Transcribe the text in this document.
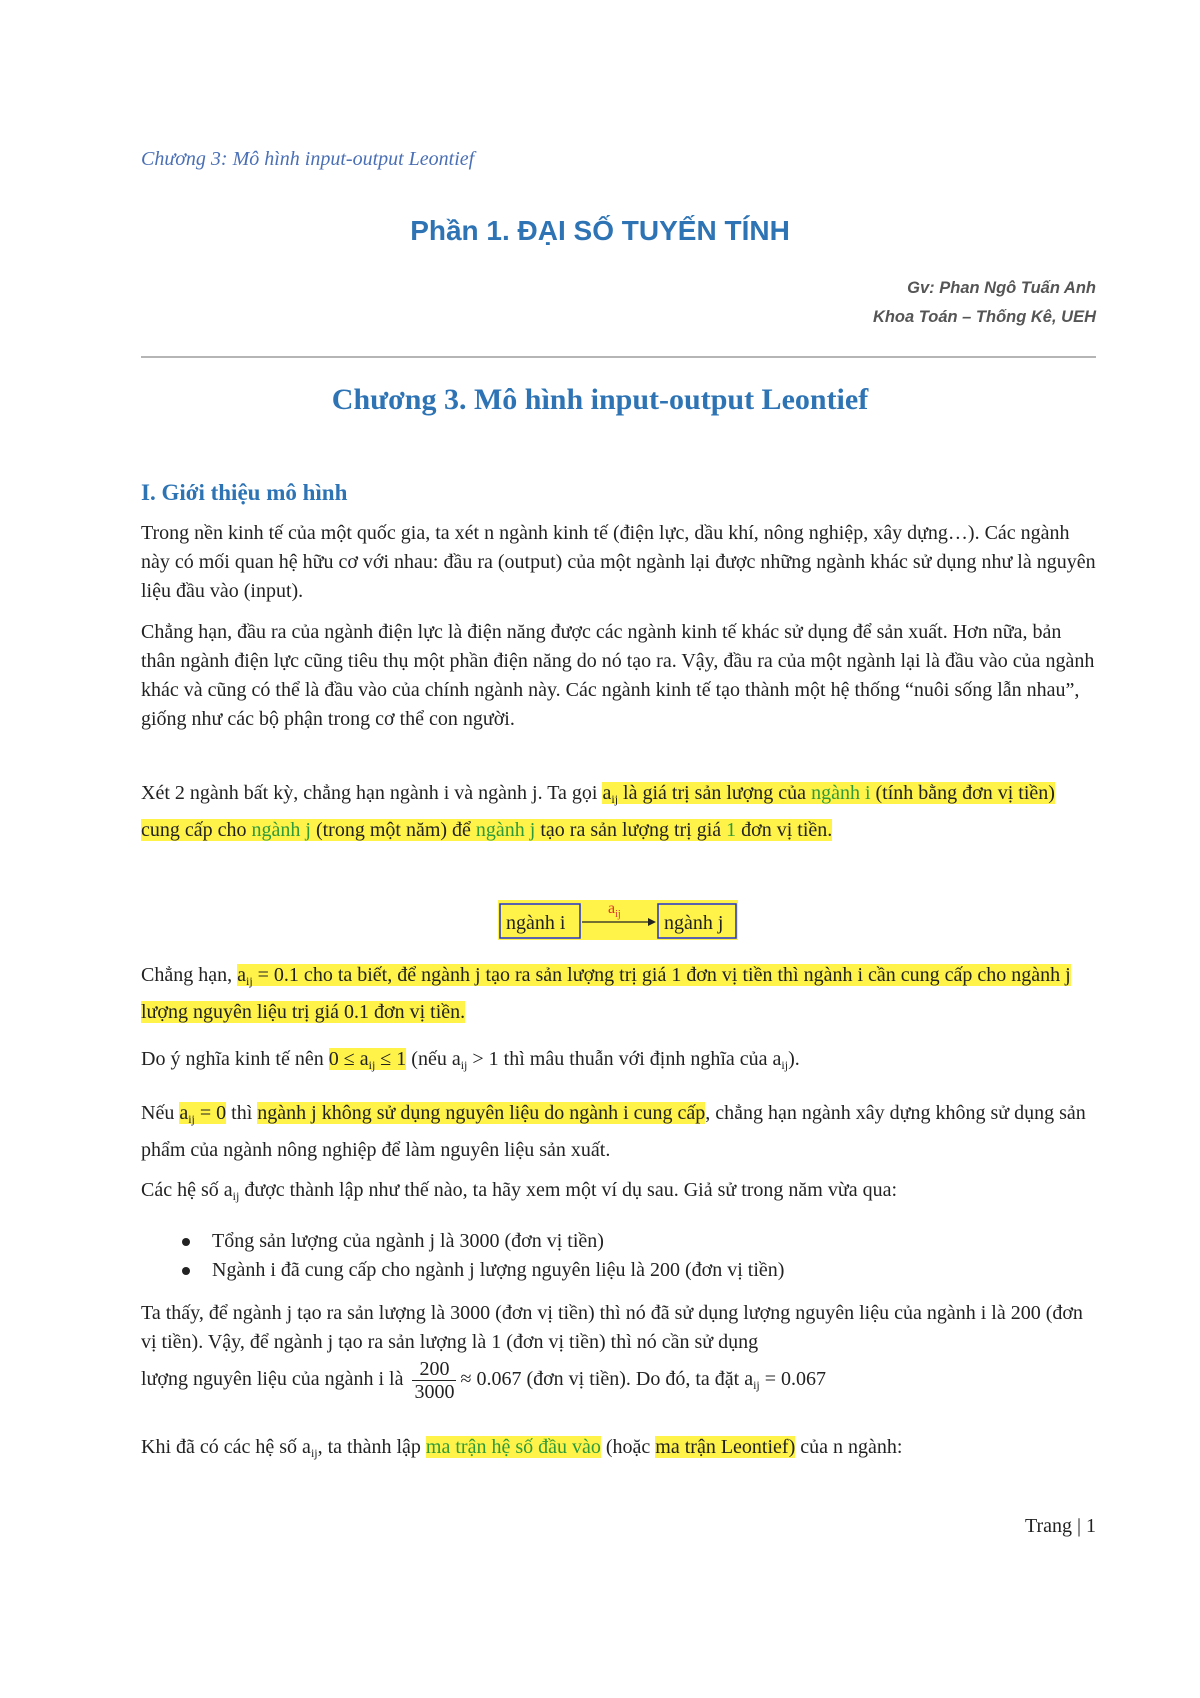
Chương 3: Mô hình input-output Leontief
Phần 1. ĐẠI SỐ TUYẾN TÍNH
Gv: Phan Ngô Tuấn Anh
Khoa Toán – Thống Kê, UEH
Chương 3. Mô hình input-output Leontief
I. Giới thiệu mô hình

Trong nền kinh tế của một quốc gia, ta xét n ngành kinh tế (điện lực, dầu khí, nông nghiệp, xây dựng…). Các ngành này có mối quan hệ hữu cơ với nhau: đầu ra (output) của một ngành lại được những ngành khác sử dụng như là nguyên liệu đầu vào (input).

Chẳng hạn, đầu ra của ngành điện lực là điện năng được các ngành kinh tế khác sử dụng để sản xuất. Hơn nữa, bản thân ngành điện lực cũng tiêu thụ một phần điện năng do nó tạo ra. Vậy, đầu ra của một ngành lại là đầu vào của ngành khác và cũng có thể là đầu vào của chính ngành này. Các ngành kinh tế tạo thành một hệ thống “nuôi sống lẫn nhau”, giống như các bộ phận trong cơ thể con người.

Xét 2 ngành bất kỳ, chẳng hạn ngành i và ngành j. Ta gọi $a_{ij}$ là giá trị sản lượng của ngành i (tính bằng đơn vị tiền) cung cấp cho ngành j (trong một năm) để ngành j tạo ra sản lượng trị giá 1 đơn vị tiền.

ngành i	ngành j
$a_{ij}$

Chẳng hạn, $a_{ij} = 0.1$ cho ta biết, để ngành j tạo ra sản lượng trị giá 1 đơn vị tiền thì ngành i cần cung cấp cho ngành j lượng nguyên liệu trị giá 0.1 đơn vị tiền.

Do ý nghĩa kinh tế nên $0 \le a_{ij} \le 1$ (nếu $a_{ij} > 1$ thì mâu thuẫn với định nghĩa của $a_{ij}$).

Nếu $a_{ij} = 0$ thì ngành j không sử dụng nguyên liệu do ngành i cung cấp, chẳng hạn ngành xây dựng không sử dụng sản phẩm của ngành nông nghiệp để làm nguyên liệu sản xuất.

Các hệ số $a_{ij}$ được thành lập như thế nào, ta hãy xem một ví dụ sau. Giả sử trong năm vừa qua:

Tổng sản lượng của ngành j là 3000 (đơn vị tiền)
Ngành i đã cung cấp cho ngành j lượng nguyên liệu là 200 (đơn vị tiền)

Ta thấy, để ngành j tạo ra sản lượng là 3000 (đơn vị tiền) thì nó đã sử dụng lượng nguyên liệu của ngành i là 200 (đơn vị tiền). Vậy, để ngành j tạo ra sản lượng là 1 (đơn vị tiền) thì nó cần sử dụng

lượng nguyên liệu của ngành i là $\frac{200}{3000} \approx 0.067$ (đơn vị tiền). Do đó, ta đặt $a_{ij} = 0.067$

Khi đã có các hệ số $a_{ij}$, ta thành lập ma trận hệ số đầu vào (hoặc ma trận Leontief) của n ngành:

Trang | 1
